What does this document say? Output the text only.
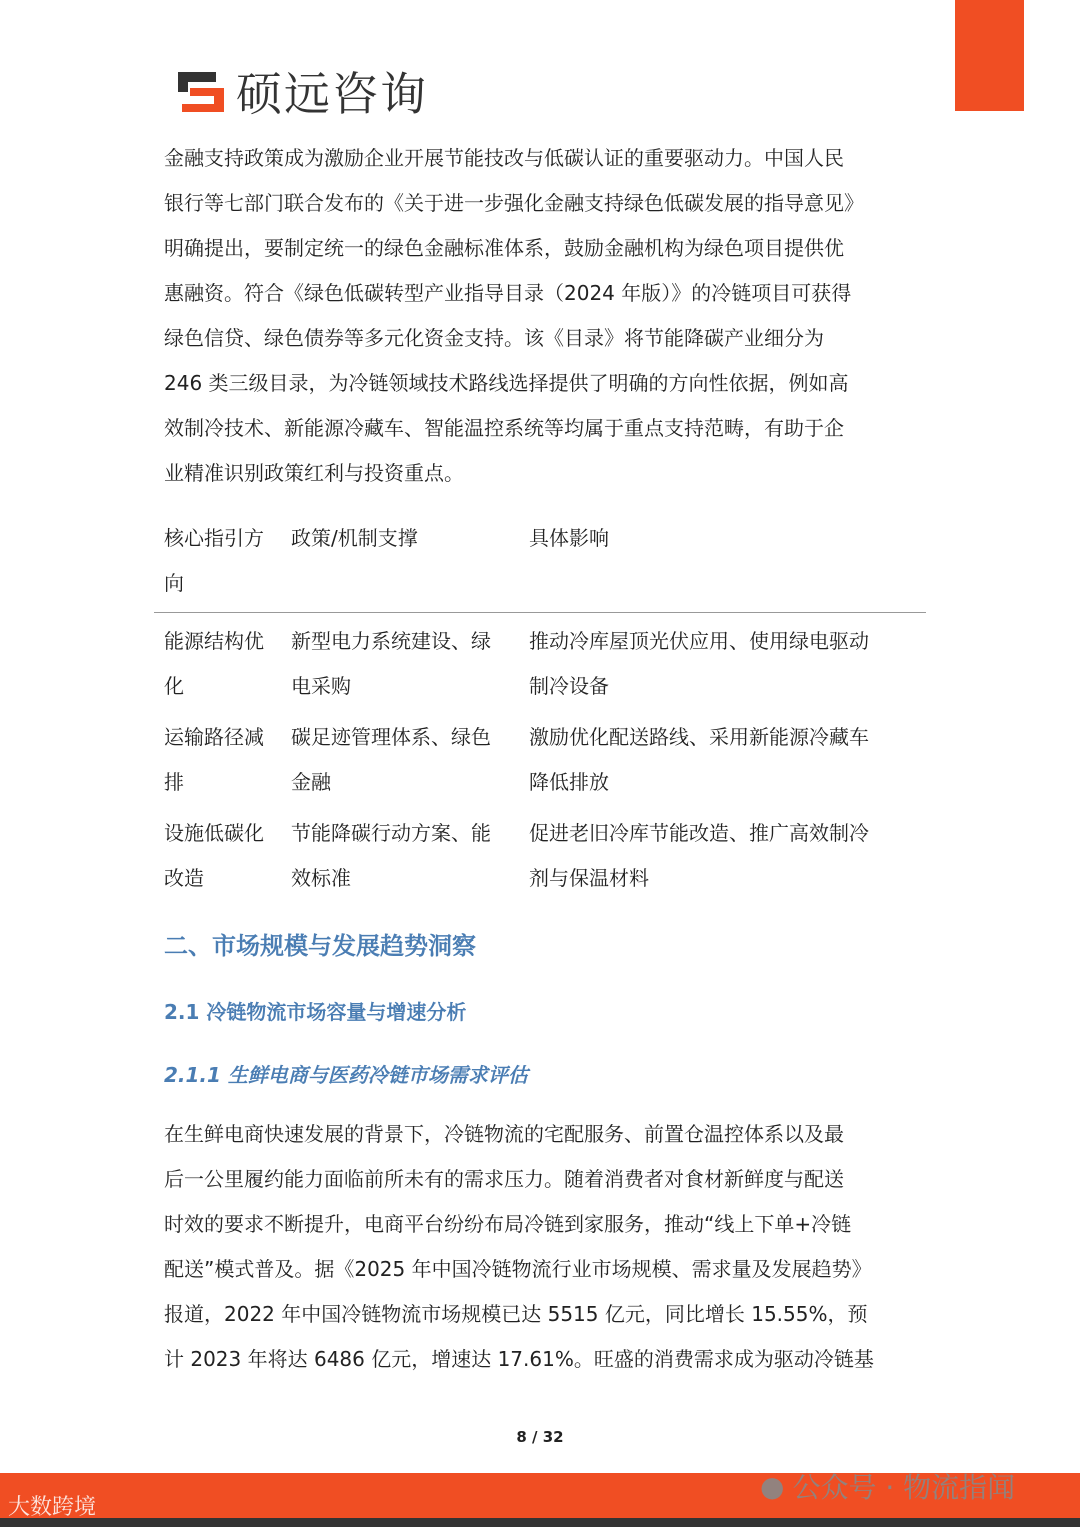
硕远咨询
金融支持政策成为激励企业开展节能技改与低碳认证的重要驱动力。中国人民
银行等七部门联合发布的《关于进一步强化金融支持绿色低碳发展的指导意见》
明确提出，要制定统一的绿色金融标准体系，鼓励金融机构为绿色项目提供优
惠融资。符合《绿色低碳转型产业指导目录（2024 年版）》的冷链项目可获得
绿色信贷、绿色债券等多元化资金支持。该《目录》将节能降碳产业细分为
246 类三级目录，为冷链领域技术路线选择提供了明确的方向性依据，例如高
效制冷技术、新能源冷藏车、智能温控系统等均属于重点支持范畴，有助于企
业精准识别政策红利与投资重点。
核心指引方
向
政策/机制支撑	具体影响
能源结构优
化
新型电力系统建设、绿
电采购
推动冷库屋顶光伏应用、使用绿电驱动
制冷设备
运输路径减
排
碳足迹管理体系、绿色
金融
激励优化配送路线、采用新能源冷藏车
降低排放
设施低碳化
改造
节能降碳行动方案、能
效标准
促进老旧冷库节能改造、推广高效制冷
剂与保温材料
二、市场规模与发展趋势洞察
2.1 冷链物流市场容量与增速分析
2.1.1 生鲜电商与医药冷链市场需求评估
在生鲜电商快速发展的背景下，冷链物流的宅配服务、前置仓温控体系以及最
后一公里履约能力面临前所未有的需求压力。随着消费者对食材新鲜度与配送
时效的要求不断提升，电商平台纷纷布局冷链到家服务，推动“线上下单+冷链
配送”模式普及。据《2025 年中国冷链物流行业市场规模、需求量及发展趋势》
报道，2022 年中国冷链物流市场规模已达 5515 亿元，同比增长 15.55%，预
计 2023 年将达 6486 亿元，增速达 17.61%。旺盛的消费需求成为驱动冷链基
8 / 32
大数跨境
● 公众号 · 物流指闻
